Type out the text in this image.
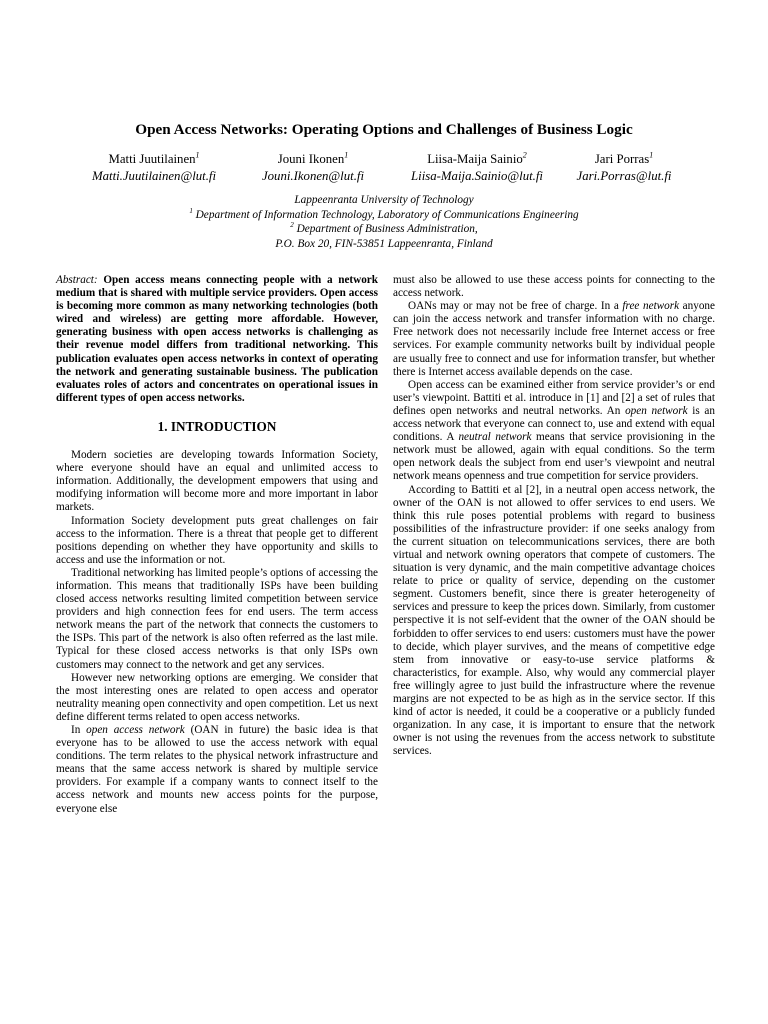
Open Access Networks: Operating Options and Challenges of Business Logic
Matti Juutilainen$^1$
Matti.Juutilainen@lut.fi
Jouni Ikonen$^1$
Jouni.Ikonen@lut.fi
Liisa-Maija Sainio$^2$
Liisa-Maija.Sainio@lut.fi
Jari Porras$^1$
Jari.Porras@lut.fi
Lappeenranta University of Technology
$^1$ Department of Information Technology, Laboratory of Communications Engineering
$^2$ Department of Business Administration,
P.O. Box 20, FIN-53851 Lappeenranta, Finland

Abstract: Open access means connecting people with a network medium that is shared with multiple service providers. Open access is becoming more common as many networking technologies (both wired and wireless) are getting more affordable. However, generating business with open access networks is challenging as their revenue model differs from traditional networking. This publication evaluates open access networks in context of operating the network and generating sustainable business. The publication evaluates roles of actors and concentrates on operational issues in different types of open access networks.

1. INTRODUCTION

Modern societies are developing towards Information Society, where everyone should have an equal and unlimited access to information. Additionally, the development empowers that using and modifying information will become more and more important in labor markets.

Information Society development puts great challenges on fair access to the information. There is a threat that people get to different positions depending on whether they have opportunity and skills to access and use the information or not.

Traditional networking has limited people’s options of accessing the information. This means that traditionally ISPs have been building closed access networks resulting limited competition between service providers and high connection fees for end users. The term access network means the part of the network that connects the customers to the ISPs. This part of the network is also often referred as the last mile. Typical for these closed access networks is that only ISPs own customers may connect to the network and get any services.

However new networking options are emerging. We consider that the most interesting ones are related to open access and operator neutrality meaning open connectivity and open competition. Let us next define different terms related to open access networks.

In open access network (OAN in future) the basic idea is that everyone has to be allowed to use the access network with equal conditions. The term relates to the physical network infrastructure and means that the same access network is shared by multiple service providers. For example if a company wants to connect itself to the access network and mounts new access points for the purpose, everyone else

must also be allowed to use these access points for connecting to the access network.

OANs may or may not be free of charge. In a free network anyone can join the access network and transfer information with no charge. Free network does not necessarily include free Internet access or free services. For example community networks built by individual people are usually free to connect and use for information transfer, but whether there is Internet access available depends on the case.

Open access can be examined either from service provider’s or end user’s viewpoint. Battiti et al. introduce in [1] and [2] a set of rules that defines open networks and neutral networks. An open network is an access network that everyone can connect to, use and extend with equal conditions. A neutral network means that service provisioning in the network must be allowed, again with equal conditions. So the term open network deals the subject from end user’s viewpoint and neutral network means openness and true competition for service providers.

According to Battiti et al [2], in a neutral open access network, the owner of the OAN is not allowed to offer services to end users. We think this rule poses potential problems with regard to business possibilities of the infrastructure provider: if one seeks analogy from the current situation on telecommunications services, there are both virtual and network owning operators that compete of customers. The situation is very dynamic, and the main competitive advantage choices relate to price or quality of service, depending on the customer segment. Customers benefit, since there is greater heterogeneity of services and pressure to keep the prices down. Similarly, from customer perspective it is not self-evident that the owner of the OAN should be forbidden to offer services to end users: customers must have the power to decide, which player survives, and the means of competitive edge stem from innovative or easy-to-use service platforms & characteristics, for example. Also, why would any commercial player free willingly agree to just build the infrastructure where the revenue margins are not expected to be as high as in the service sector. If this kind of actor is needed, it could be a cooperative or a publicly funded organization. In any case, it is important to ensure that the network owner is not using the revenues from the access network to substitute services.
